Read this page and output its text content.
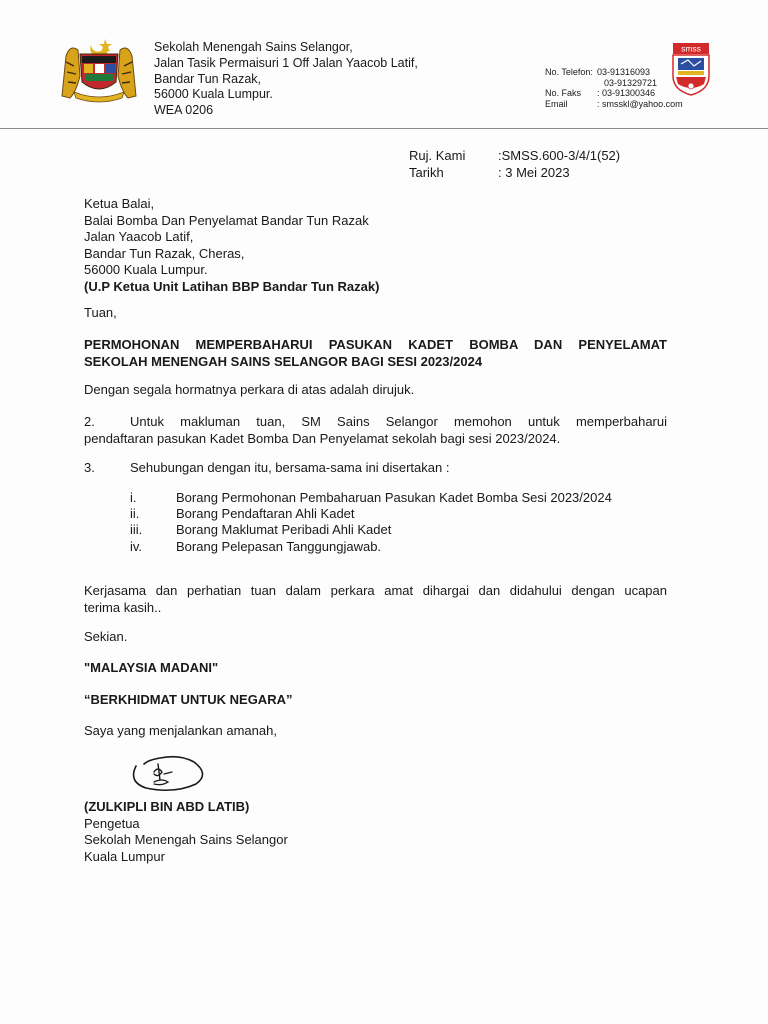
Sekolah Menengah Sains Selangor,
Jalan Tasik Permaisuri 1 Off Jalan Yaacob Latif,
Bandar Tun Razak,
56000 Kuala Lumpur.
WEA 0206
No. Telefon: 03-91316093
03-91329721
No. Faks	: 03-91300346
Email	: smsskl@yahoo.com
smss
Ruj. Kami	:SMSS.600-3/4/1(52)
Tarikh	: 3 Mei 2023
Ketua Balai,
Balai Bomba Dan Penyelamat Bandar Tun Razak
Jalan Yaacob Latif,
Bandar Tun Razak, Cheras,
56000 Kuala Lumpur.
(U.P Ketua Unit Latihan BBP Bandar Tun Razak)
Tuan,
PERMOHONAN MEMPERBAHARUI PASUKAN KADET BOMBA DAN PENYELAMAT
SEKOLAH MENENGAH SAINS SELANGOR BAGI SESI 2023/2024
Dengan segala hormatnya perkara di atas adalah dirujuk.
2.	Untuk makluman tuan, SM Sains Selangor memohon untuk memperbaharui
pendaftaran pasukan Kadet Bomba Dan Penyelamat sekolah bagi sesi 2023/2024.
3.	Sehubungan dengan itu, bersama-sama ini disertakan :
i.	Borang Permohonan Pembaharuan Pasukan Kadet Bomba Sesi 2023/2024
ii.	Borang Pendaftaran Ahli Kadet
iii.	Borang Maklumat Peribadi Ahli Kadet
iv.	Borang Pelepasan Tanggungjawab.
Kerjasama dan perhatian tuan dalam perkara amat dihargai dan didahului dengan ucapan
terima kasih..
Sekian.
"MALAYSIA MADANI"
“BERKHIDMAT UNTUK NEGARA”
Saya yang menjalankan amanah,
(ZULKIPLI BIN ABD LATIB)
Pengetua
Sekolah Menengah Sains Selangor
Kuala Lumpur
